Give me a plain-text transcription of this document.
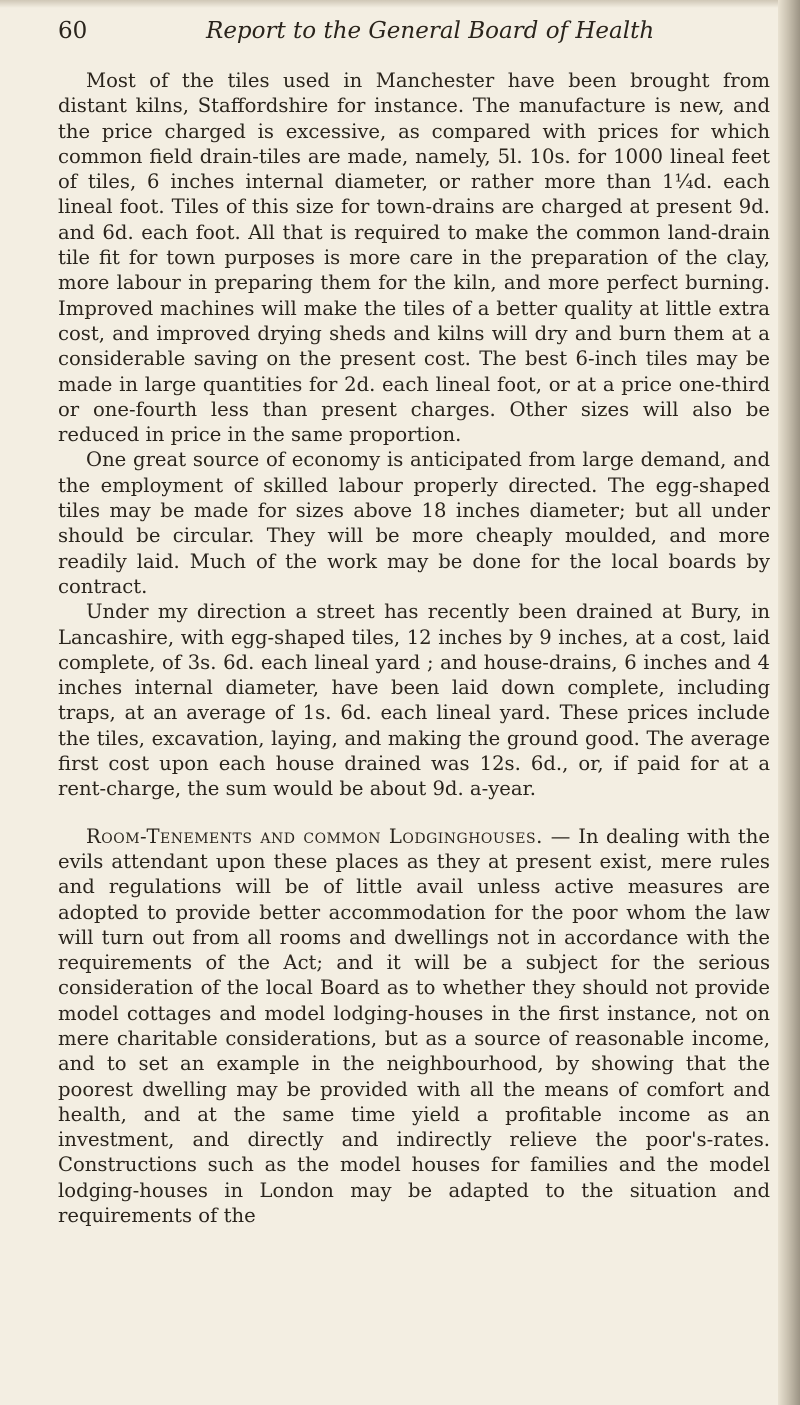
60	Report to the General Board of Health

Most of the tiles used in Manchester have been brought from distant kilns, Staffordshire for instance. The manufacture is new, and the price charged is excessive, as compared with prices for which common field drain-tiles are made, namely, 5l. 10s. for 1000 lineal feet of tiles, 6 inches internal diameter, or rather more than 1¼d. each lineal foot. Tiles of this size for town-drains are charged at present 9d. and 6d. each foot. All that is required to make the common land-drain tile fit for town purposes is more care in the preparation of the clay, more labour in preparing them for the kiln, and more perfect burning. Improved machines will make the tiles of a better quality at little extra cost, and improved drying sheds and kilns will dry and burn them at a considerable saving on the present cost. The best 6-inch tiles may be made in large quantities for 2d. each lineal foot, or at a price one-third or one-fourth less than present charges. Other sizes will also be reduced in price in the same proportion.

One great source of economy is anticipated from large demand, and the employment of skilled labour properly directed. The egg-shaped tiles may be made for sizes above 18 inches diameter; but all under should be circular. They will be more cheaply moulded, and more readily laid. Much of the work may be done for the local boards by contract.

Under my direction a street has recently been drained at Bury, in Lancashire, with egg-shaped tiles, 12 inches by 9 inches, at a cost, laid complete, of 3s. 6d. each lineal yard ; and house-drains, 6 inches and 4 inches internal diameter, have been laid down complete, including traps, at an average of 1s. 6d. each lineal yard. These prices include the tiles, excavation, laying, and making the ground good. The average first cost upon each house drained was 12s. 6d., or, if paid for at a rent-charge, the sum would be about 9d. a-year.

Room-Tenements and common Lodginghouses. — In dealing with the evils attendant upon these places as they at present exist, mere rules and regulations will be of little avail unless active measures are adopted to provide better accommodation for the poor whom the law will turn out from all rooms and dwellings not in accordance with the requirements of the Act; and it will be a subject for the serious consideration of the local Board as to whether they should not provide model cottages and model lodging-houses in the first instance, not on mere charitable considerations, but as a source of reasonable income, and to set an example in the neighbourhood, by showing that the poorest dwelling may be provided with all the means of comfort and health, and at the same time yield a profitable income as an investment, and directly and indirectly relieve the poor's-rates. Constructions such as the model houses for families and the model lodging-houses in London may be adapted to the situation and requirements of the
